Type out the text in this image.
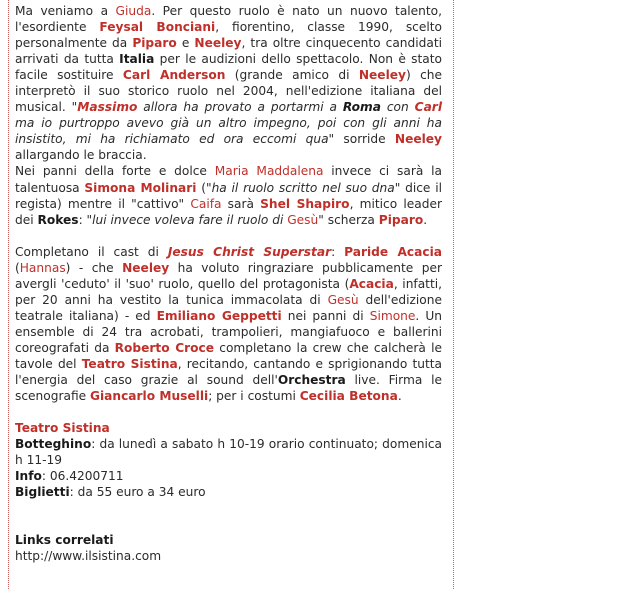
Ma veniamo a Giuda. Per questo ruolo è nato un nuovo talento, l'esordiente Feysal Bonciani, fiorentino, classe 1990, scelto personalmente da Piparo e Neeley, tra oltre cinquecento candidati arrivati da tutta Italia per le audizioni dello spettacolo. Non è stato facile sostituire Carl Anderson (grande amico di Neeley) che interpretò il suo storico ruolo nel 2004, nell'edizione italiana del musical. "Massimo allora ha provato a portarmi a Roma con Carl ma io purtroppo avevo già un altro impegno, poi con gli anni ha insistito, mi ha richiamato ed ora eccomi qua" sorride Neeley allargando le braccia.

Nei panni della forte e dolce Maria Maddalena invece ci sarà la talentuosa Simona Molinari ("ha il ruolo scritto nel suo dna" dice il regista) mentre il "cattivo" Caifa sarà Shel Shapiro, mitico leader dei Rokes: "lui invece voleva fare il ruolo di Gesù" scherza Piparo.

Completano il cast di Jesus Christ Superstar: Paride Acacia (Hannas) - che Neeley ha voluto ringraziare pubblicamente per avergli 'ceduto' il 'suo' ruolo, quello del protagonista (Acacia, infatti, per 20 anni ha vestito la tunica immacolata di Gesù dell'edizione teatrale italiana) - ed Emiliano Geppetti nei panni di Simone. Un ensemble di 24 tra acrobati, trampolieri, mangiafuoco e ballerini coreografati da Roberto Croce completano la crew che calcherà le tavole del Teatro Sistina, recitando, cantando e sprigionando tutta l'energia del caso grazie al sound dell'Orchestra live. Firma le scenografie Giancarlo Muselli; per i costumi Cecilia Betona.

Teatro Sistina

Botteghino: da lunedì a sabato h 10-19 orario continuato; domenica h 11-19

Info: 06.4200711

Biglietti: da 55 euro a 34 euro

Links correlati

http://www.ilsistina.com
